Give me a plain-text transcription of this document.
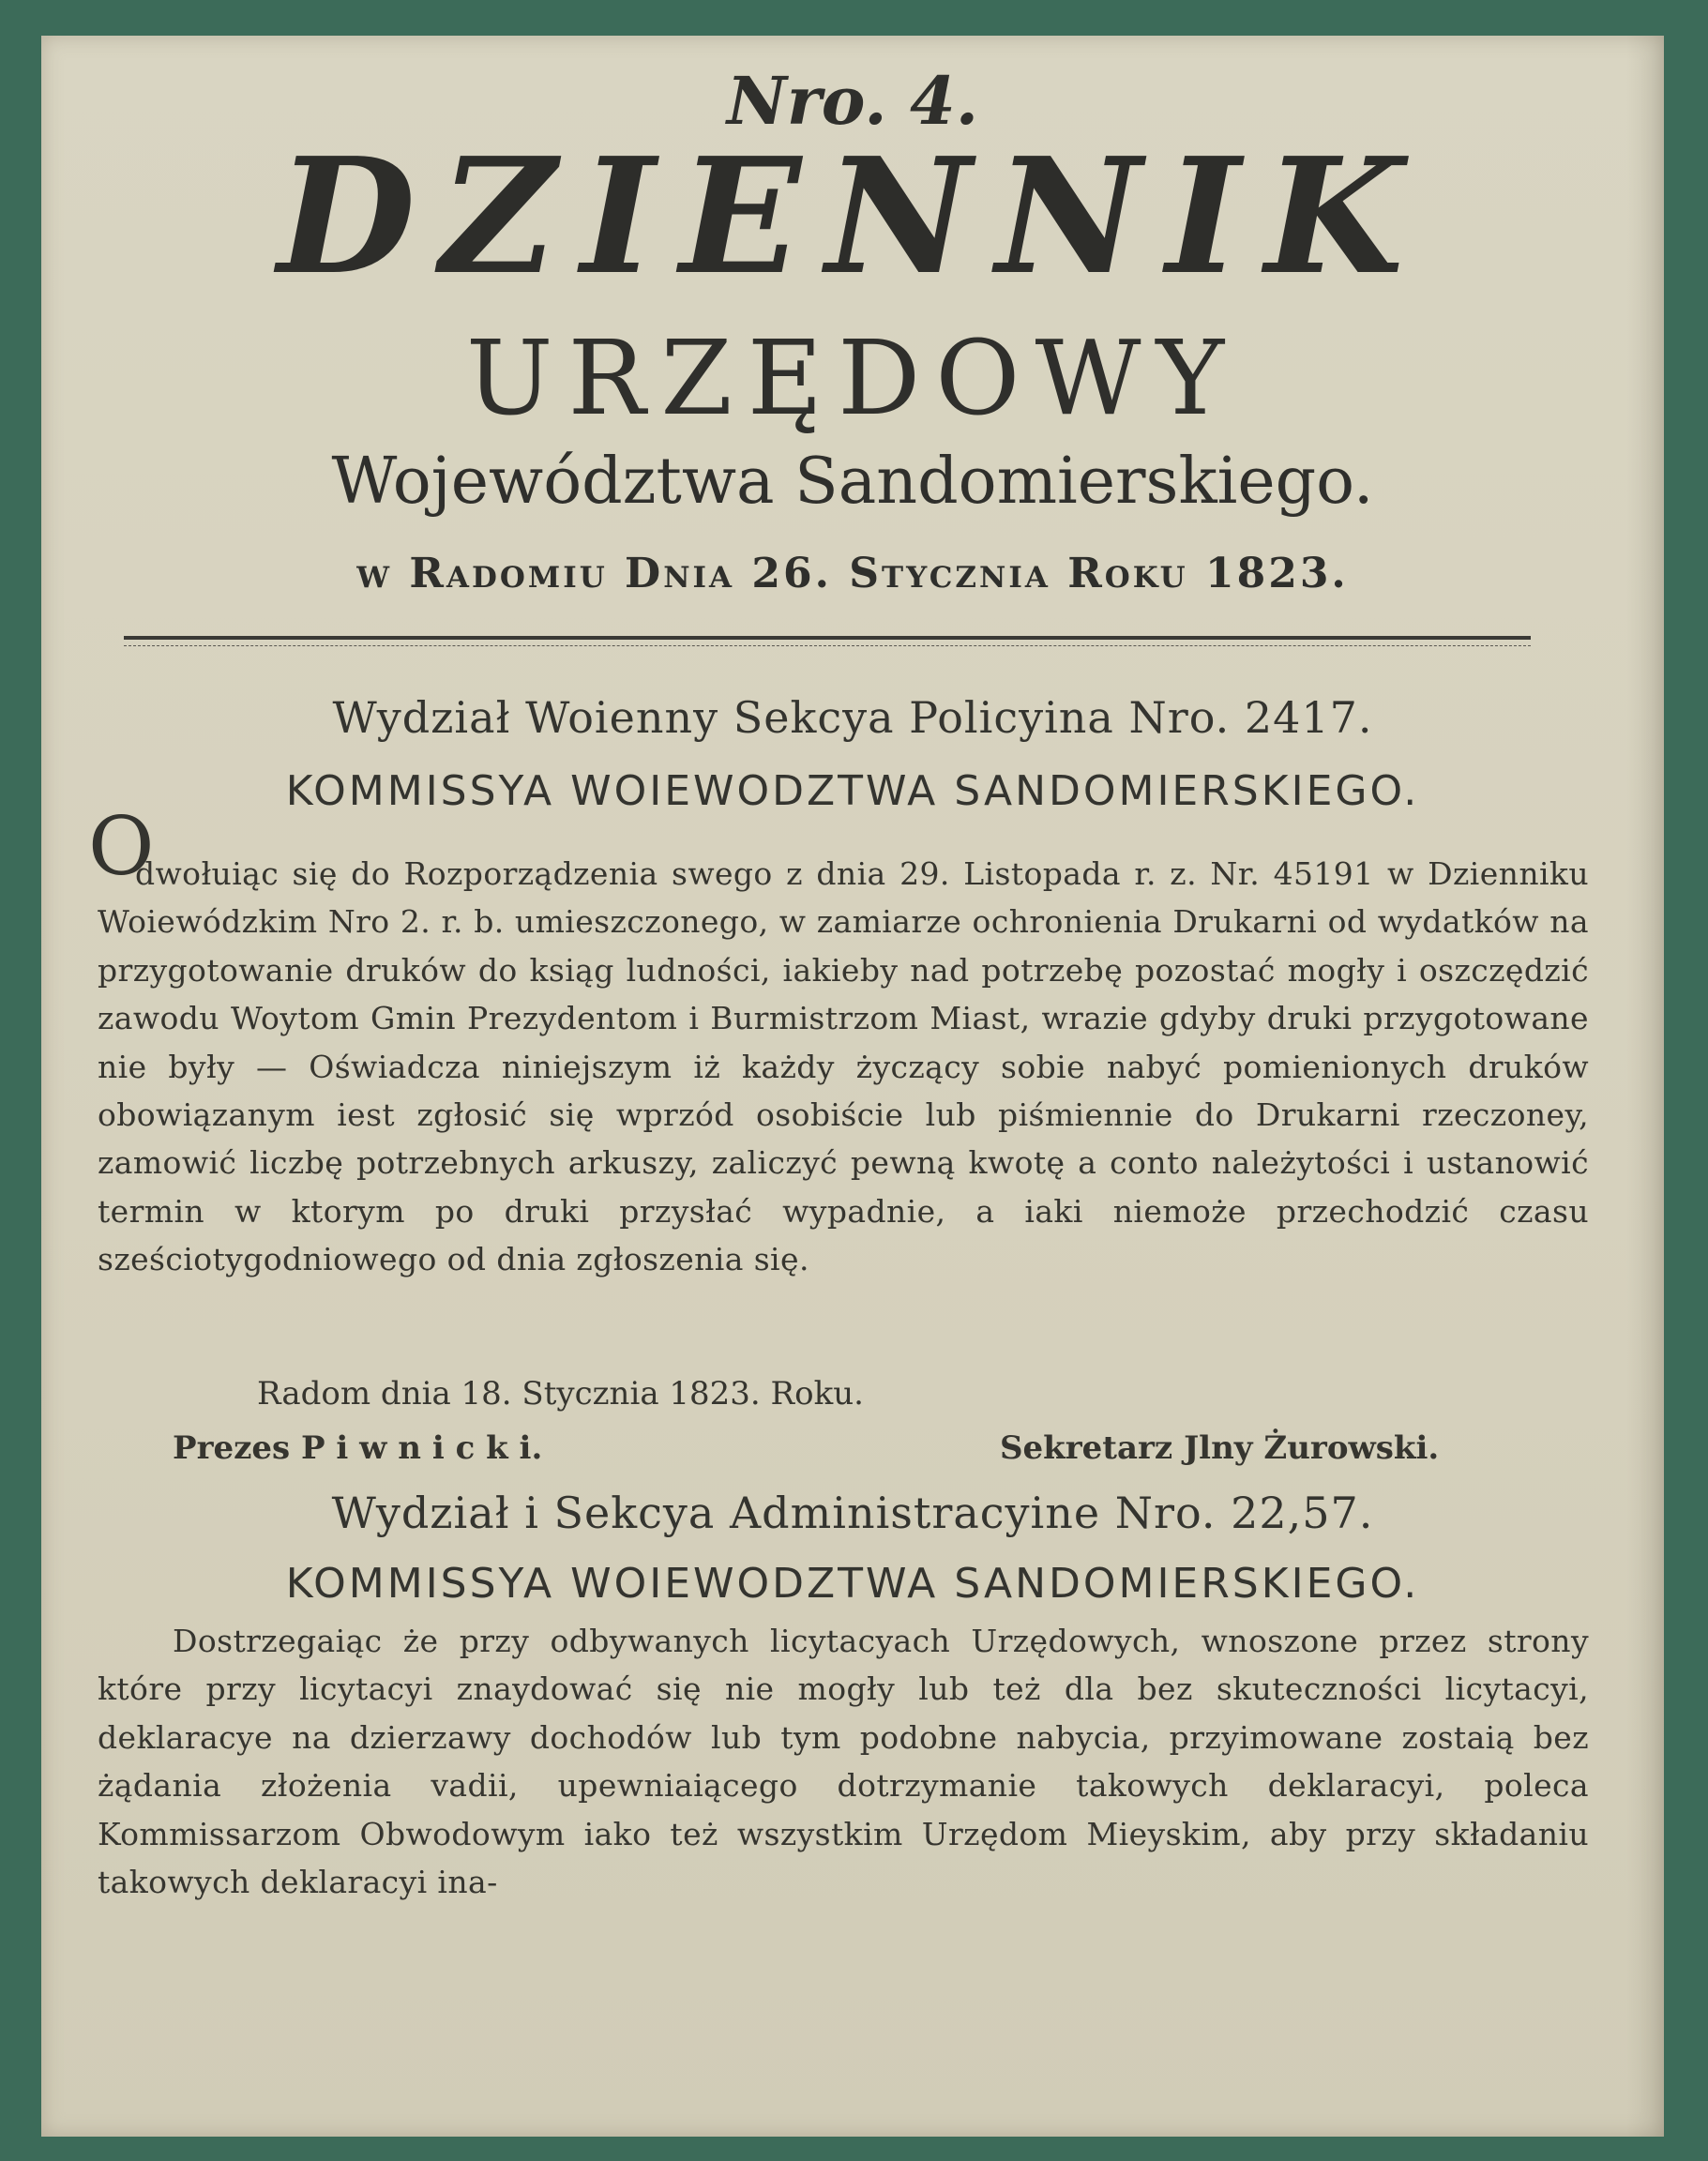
Nro. 4.
DZIENNIK
URZĘDOWY
Województwa Sandomierskiego.
w Radomiu Dnia 26. Stycznia Roku 1823.
Wydział Woienny Sekcya Policyina Nro. 2417.
KOMMISSYA WOIEWODZTWA SANDOMIERSKIEGO.
O
dwołuiąc się do Rozporządzenia swego z dnia 29. Listopada r. z. Nr. 45191 w Dzienniku Woiewódzkim Nro 2. r. b. umieszczonego, w zamiarze ochronienia Drukarni od wydatków na przygotowanie druków do ksiąg ludności, iakieby nad potrzebę pozostać mogły i oszczędzić zawodu Woytom Gmin Prezydentom i Burmistrzom Miast, wrazie gdyby druki przygotowane nie były — Oświadcza niniejszym iż każdy życzący sobie nabyć pomienionych druków obowiązanym iest zgłosić się wprzód osobiście lub piśmiennie do Drukarni rzeczoney, zamowić liczbę potrzebnych arkuszy, zaliczyć pewną kwotę a conto należytości i ustanowić termin w ktorym po druki przysłać wypadnie, a iaki niemoże przechodzić czasu sześciotygodniowego od dnia zgłoszenia się.
Radom dnia 18. Stycznia 1823. Roku.
Prezes P i w n i c k i.	Sekretarz Jlny Żurowski.
Wydział i Sekcya Administracyine Nro. 22,57.
KOMMISSYA WOIEWODZTWA SANDOMIERSKIEGO.
Dostrzegaiąc że przy odbywanych licytacyach Urzędowych, wnoszone przez strony które przy licytacyi znaydować się nie mogły lub też dla bez skuteczności licytacyi, deklaracye na dzierzawy dochodów lub tym podobne nabycia, przyimowane zostaią bez żądania złożenia vadii, upewniaiącego dotrzymanie takowych deklaracyi, poleca Kommissarzom Obwodowym iako też wszystkim Urzędom Mieyskim, aby przy składaniu takowych deklaracyi ina-
